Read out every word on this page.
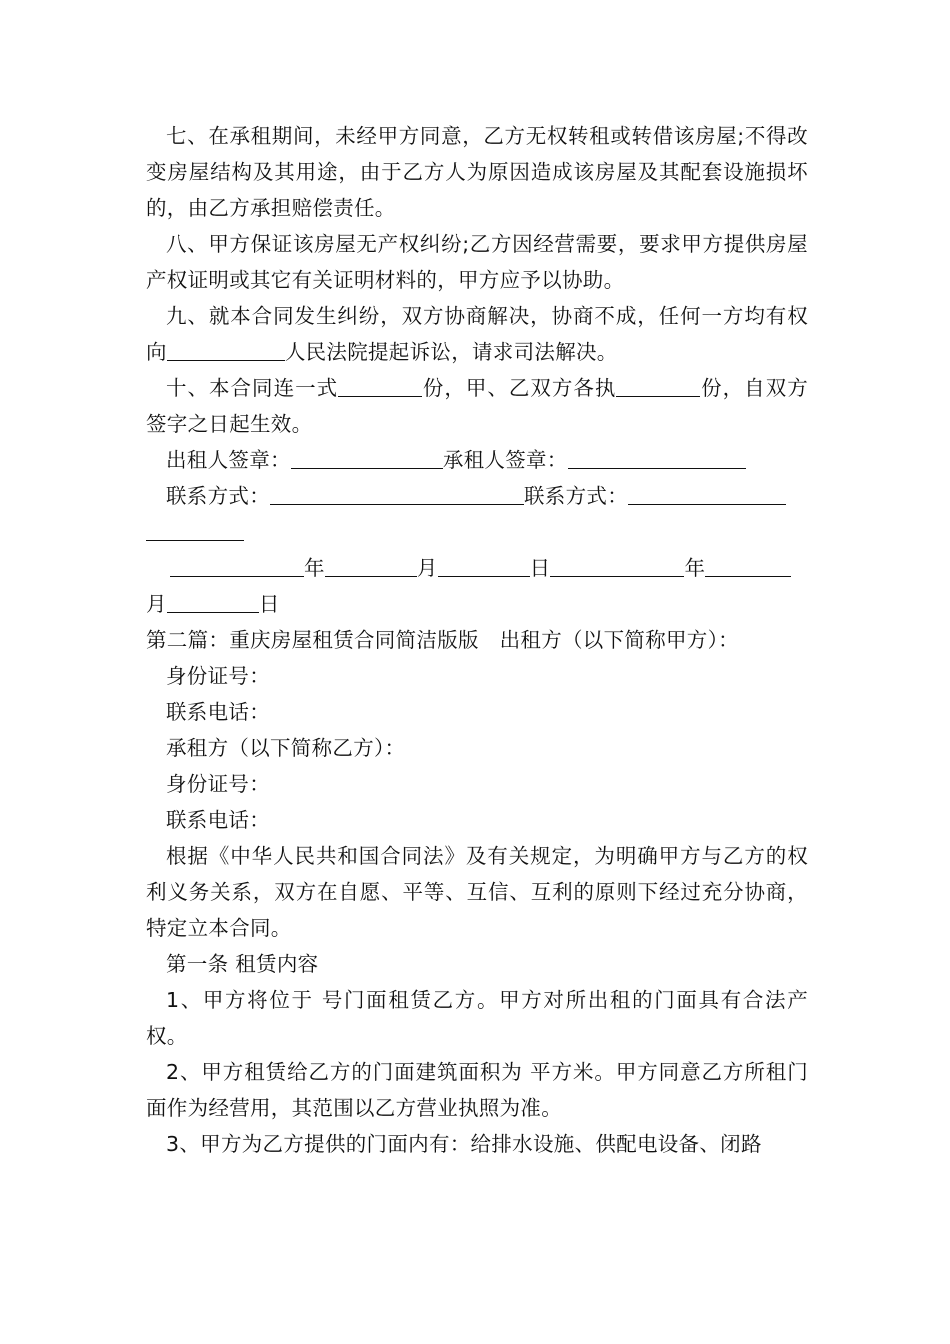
七、在承租期间，未经甲方同意，乙方无权转租或转借该房屋;不得改变房屋结构及其用途，由于乙方人为原因造成该房屋及其配套设施损坏的，由乙方承担赔偿责任。

八、甲方保证该房屋无产权纠纷;乙方因经营需要，要求甲方提供房屋产权证明或其它有关证明材料的，甲方应予以协助。

九、就本合同发生纠纷，双方协商解决，协商不成，任何一方均有权向	人民法院提起诉讼，请求司法解决。

十、本合同连一式	份，甲、乙双方各执	份，自双方签字之日起生效。

出租人签章：	承租人签章：

联系方式：	联系方式：

年	月	日	年
月	日

第二篇：重庆房屋租赁合同简洁版版　出租方（以下简称甲方）：

身份证号：

联系电话：

承租方（以下简称乙方）：

身份证号：

联系电话：

根据《中华人民共和国合同法》及有关规定，为明确甲方与乙方的权利义务关系，双方在自愿、平等、互信、互利的原则下经过充分协商，特定立本合同。

第一条 租赁内容

1、甲方将位于 号门面租赁乙方。甲方对所出租的门面具有合法产权。

2、甲方租赁给乙方的门面建筑面积为 平方米。甲方同意乙方所租门面作为经营用，其范围以乙方营业执照为准。

3、甲方为乙方提供的门面内有：给排水设施、供配电设备、闭路
